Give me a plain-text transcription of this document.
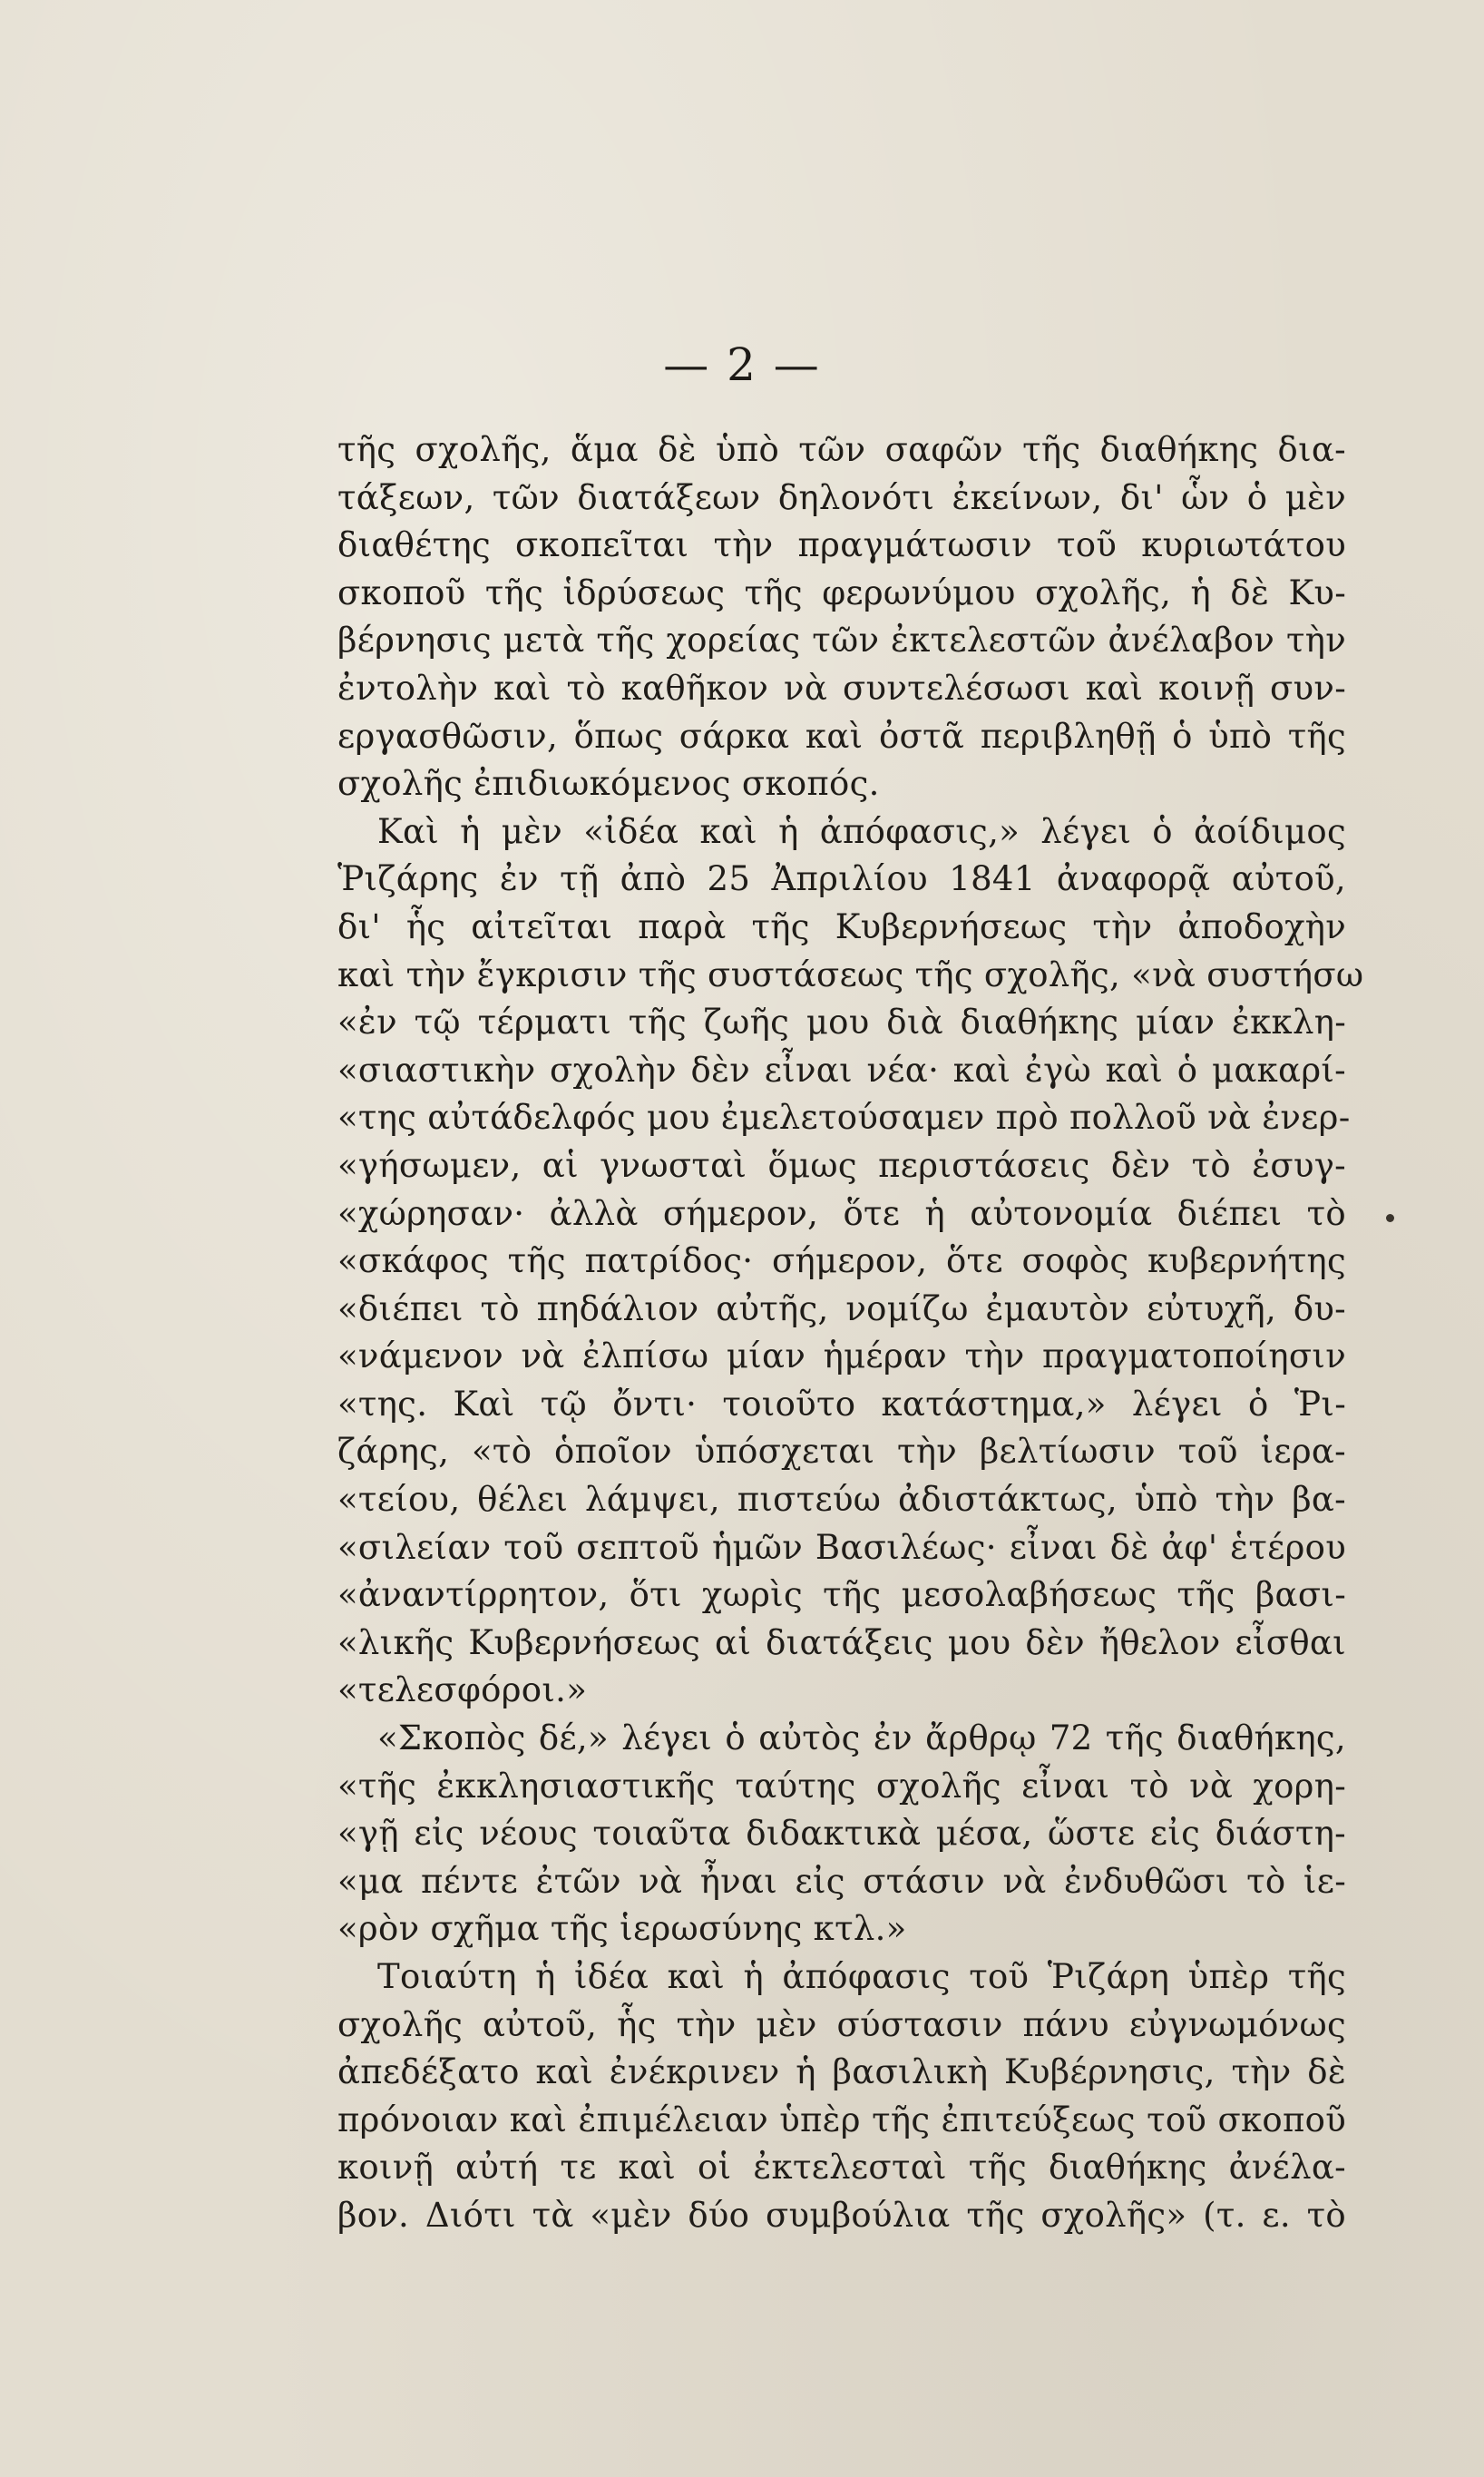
— 2 —
τῆς σχολῆς, ἅμα δὲ ὑπὸ τῶν σαφῶν τῆς διαθήκης δια-
τάξεων, τῶν διατάξεων δηλονότι ἐκείνων, δι' ὧν ὁ μὲν
διαθέτης σκοπεῖται τὴν πραγμάτωσιν τοῦ κυριωτάτου
σκοποῦ τῆς ἱδρύσεως τῆς φερωνύμου σχολῆς, ἡ δὲ Κυ-
βέρνησις μετὰ τῆς χορείας τῶν ἐκτελεστῶν ἀνέλαβον τὴν
ἐντολὴν καὶ τὸ καθῆκον νὰ συντελέσωσι καὶ κοινῇ συν-
εργασθῶσιν, ὅπως σάρκα καὶ ὀστᾶ περιβληθῇ ὁ ὑπὸ τῆς
σχολῆς ἐπιδιωκόμενος σκοπός.
Καὶ ἡ μὲν «ἰδέα καὶ ἡ ἀπόφασις,» λέγει ὁ ἀοίδιμος
Ῥιζάρης ἐν τῇ ἀπὸ 25 Ἀπριλίου 1841 ἀναφορᾷ αὐτοῦ,
δι' ἧς αἰτεῖται παρὰ τῆς Κυβερνήσεως τὴν ἀποδοχὴν
καὶ τὴν ἔγκρισιν τῆς συστάσεως τῆς σχολῆς, «νὰ συστήσω
«ἐν τῷ τέρματι τῆς ζωῆς μου διὰ διαθήκης μίαν ἐκκλη-
«σιαστικὴν σχολὴν δὲν εἶναι νέα· καὶ ἐγὼ καὶ ὁ μακαρί-
«της αὐτάδελφός μου ἐμελετούσαμεν πρὸ πολλοῦ νὰ ἐνερ-
«γήσωμεν, αἱ γνωσταὶ ὅμως περιστάσεις δὲν τὸ ἐσυγ-
«χώρησαν· ἀλλὰ σήμερον, ὅτε ἡ αὐτονομία διέπει τὸ
«σκάφος τῆς πατρίδος· σήμερον, ὅτε σοφὸς κυβερνήτης
«διέπει τὸ πηδάλιον αὐτῆς, νομίζω ἐμαυτὸν εὐτυχῆ, δυ-
«νάμενον νὰ ἐλπίσω μίαν ἡμέραν τὴν πραγματοποίησιν
«της. Καὶ τῷ ὄντι· τοιοῦτο κατάστημα,» λέγει ὁ Ῥι-
ζάρης, «τὸ ὁποῖον ὑπόσχεται τὴν βελτίωσιν τοῦ ἱερα-
«τείου, θέλει λάμψει, πιστεύω ἀδιστάκτως, ὑπὸ τὴν βα-
«σιλείαν τοῦ σεπτοῦ ἡμῶν Βασιλέως· εἶναι δὲ ἀφ' ἑτέρου
«ἀναντίρρητον, ὅτι χωρὶς τῆς μεσολαβήσεως τῆς βασι-
«λικῆς Κυβερνήσεως αἱ διατάξεις μου δὲν ἤθελον εἶσθαι
«τελεσφόροι.»
«Σκοπὸς δέ,» λέγει ὁ αὐτὸς ἐν ἄρθρῳ 72 τῆς διαθήκης,
«τῆς ἐκκλησιαστικῆς ταύτης σχολῆς εἶναι τὸ νὰ χορη-
«γῇ εἰς νέους τοιαῦτα διδακτικὰ μέσα, ὥστε εἰς διάστη-
«μα πέντε ἐτῶν νὰ ἦναι εἰς στάσιν νὰ ἐνδυθῶσι τὸ ἱε-
«ρὸν σχῆμα τῆς ἱερωσύνης κτλ.»
Τοιαύτη ἡ ἰδέα καὶ ἡ ἀπόφασις τοῦ Ῥιζάρη ὑπὲρ τῆς
σχολῆς αὐτοῦ, ἧς τὴν μὲν σύστασιν πάνυ εὐγνωμόνως
ἀπεδέξατο καὶ ἐνέκρινεν ἡ βασιλικὴ Κυβέρνησις, τὴν δὲ
πρόνοιαν καὶ ἐπιμέλειαν ὑπὲρ τῆς ἐπιτεύξεως τοῦ σκοποῦ
κοινῇ αὐτή τε καὶ οἱ ἐκτελεσταὶ τῆς διαθήκης ἀνέλα-
βον. Διότι τὰ «μὲν δύο συμβούλια τῆς σχολῆς» (τ. ε. τὸ
